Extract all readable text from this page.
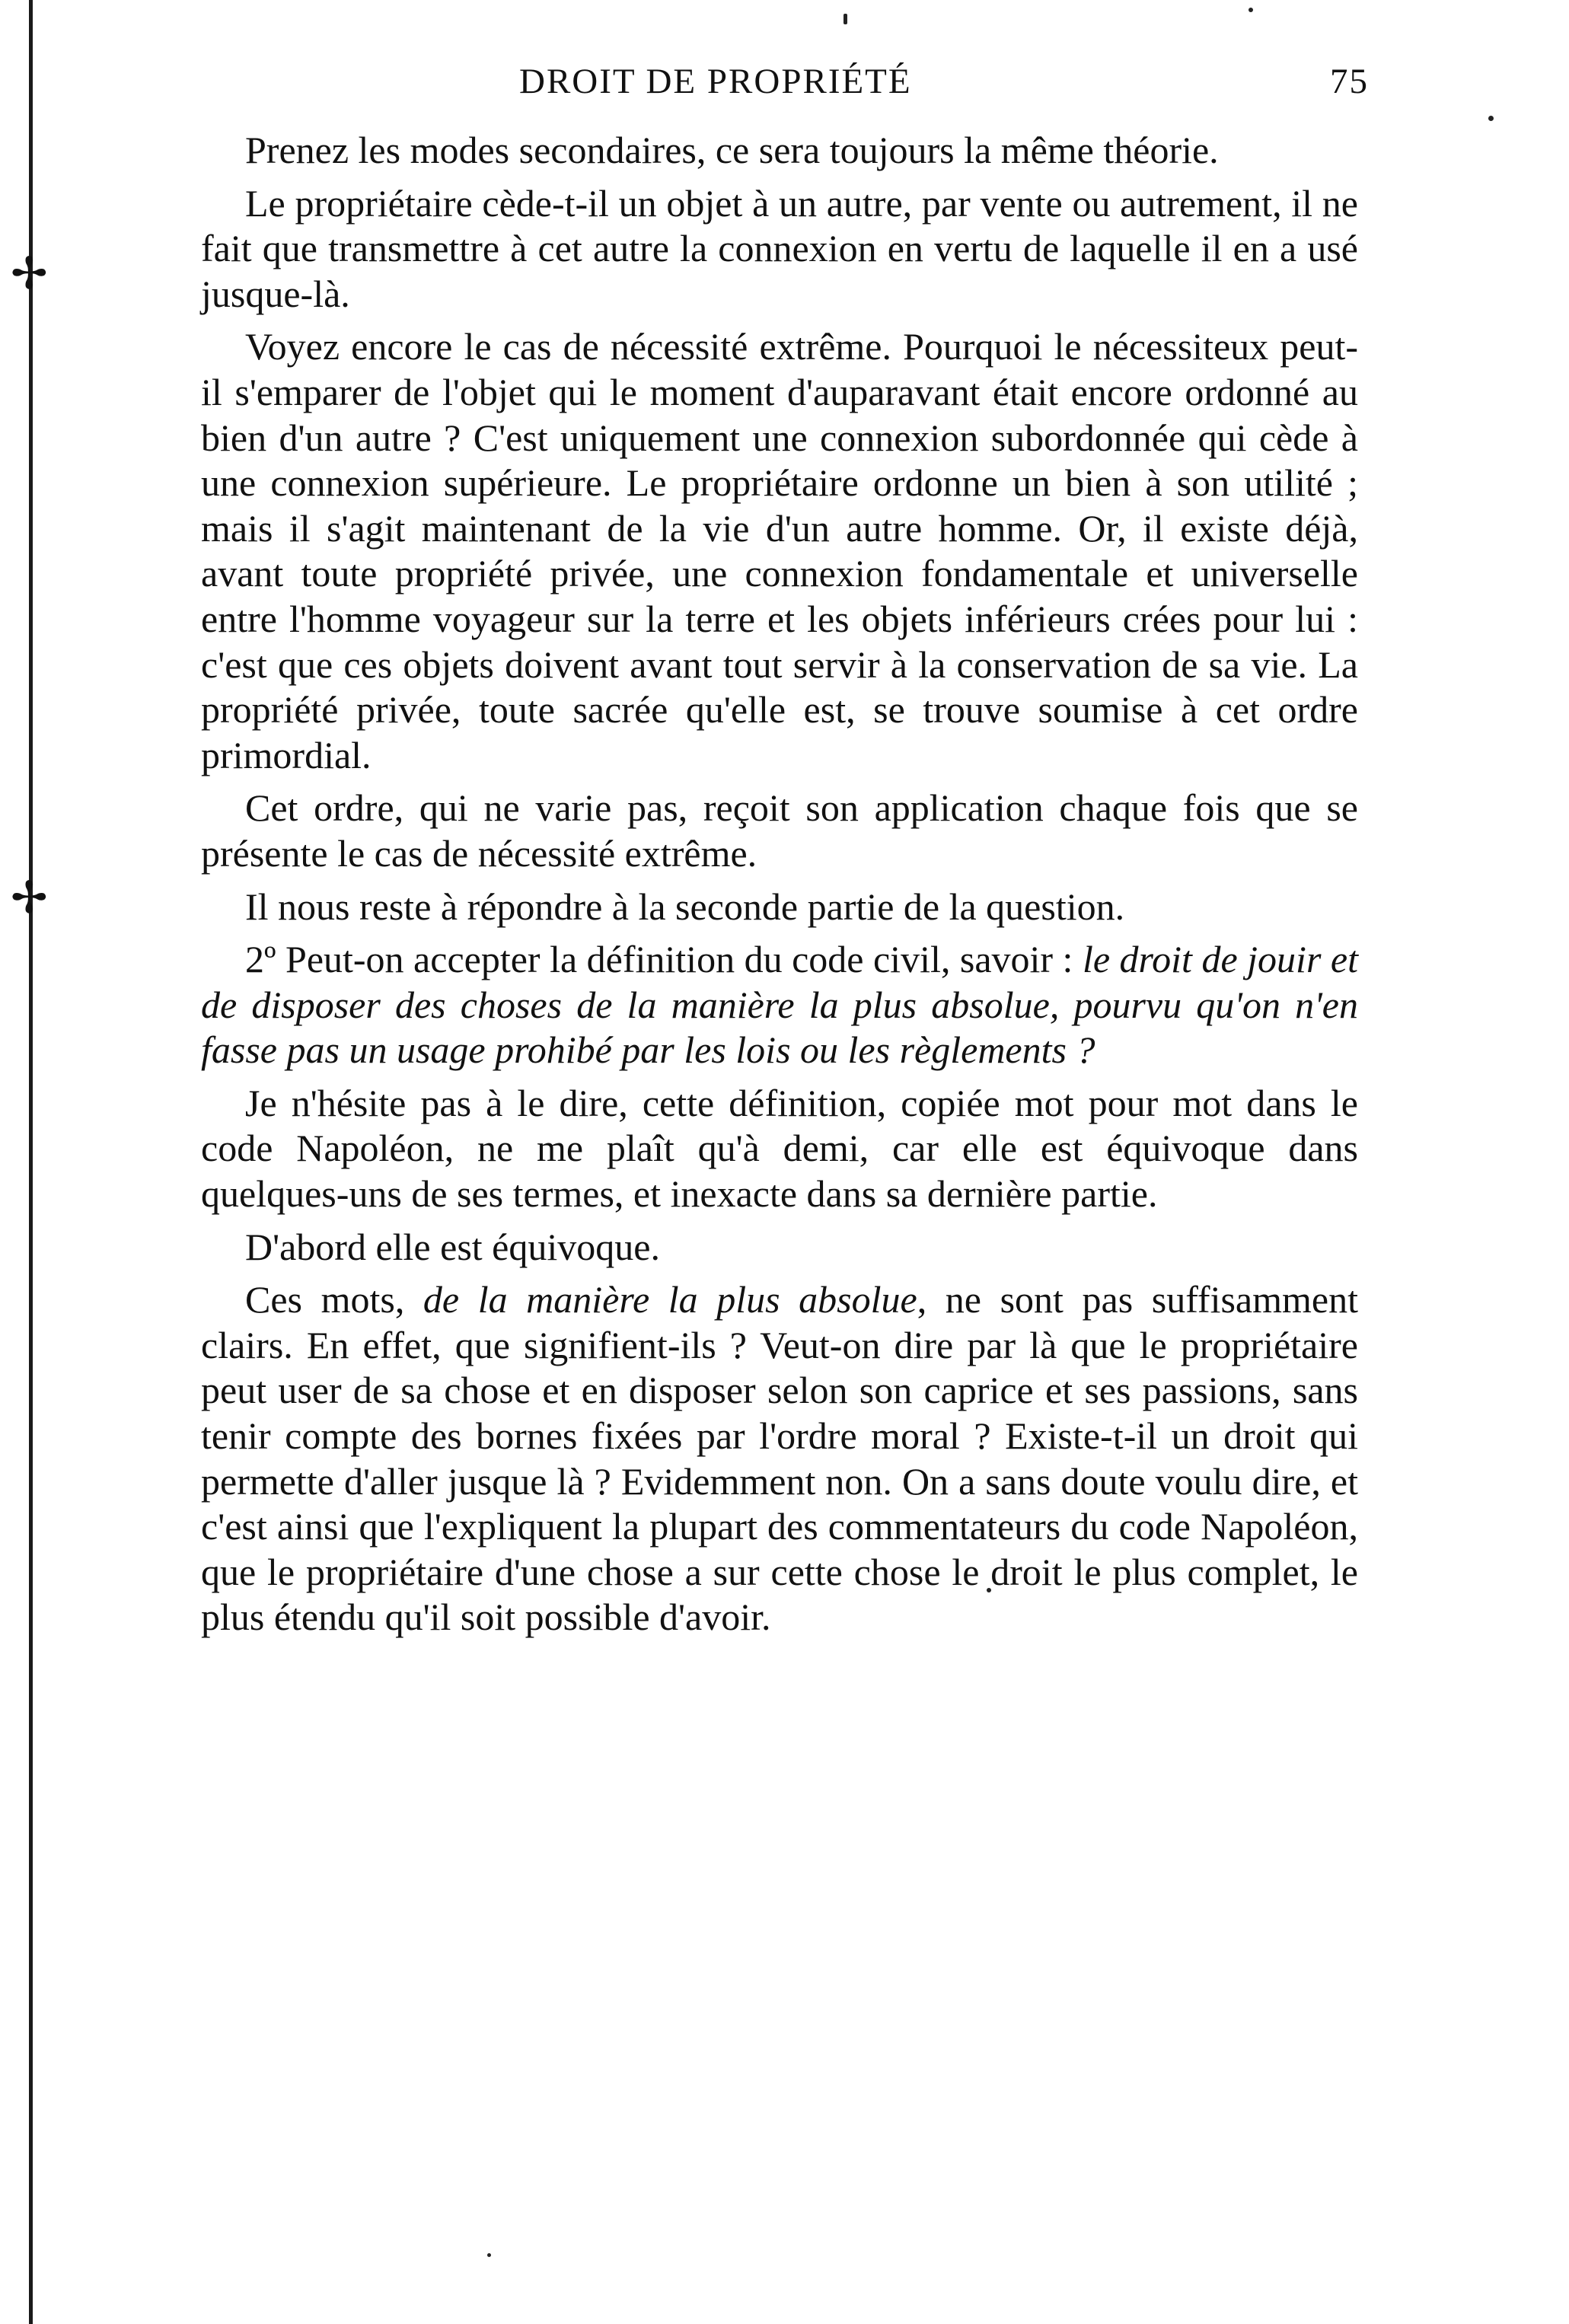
✢
✢
DROIT DE PROPRIÉTÉ	75

Prenez les modes secondaires, ce sera toujours la même théorie.

Le propriétaire cède-t-il un objet à un autre, par vente ou autrement, il ne fait que transmettre à cet autre la connexion en vertu de laquelle il en a usé jusque-là.

Voyez encore le cas de nécessité extrême. Pourquoi le nécessiteux peut-il s'emparer de l'objet qui le moment d'auparavant était encore ordonné au bien d'un autre ? C'est uniquement une connexion subordonnée qui cède à une connexion supérieure. Le propriétaire ordonne un bien à son utilité ; mais il s'agit maintenant de la vie d'un autre homme. Or, il existe déjà, avant toute propriété privée, une connexion fondamentale et universelle entre l'homme voyageur sur la terre et les objets inférieurs crées pour lui : c'est que ces objets doivent avant tout servir à la conservation de sa vie. La propriété privée, toute sacrée qu'elle est, se trouve soumise à cet ordre primordial.

Cet ordre, qui ne varie pas, reçoit son application chaque fois que se présente le cas de nécessité extrême.

Il nous reste à répondre à la seconde partie de la question.

2º Peut-on accepter la définition du code civil, savoir : le droit de jouir et de disposer des choses de la manière la plus absolue, pourvu qu'on n'en fasse pas un usage prohibé par les lois ou les règlements ?

Je n'hésite pas à le dire, cette définition, copiée mot pour mot dans le code Napoléon, ne me plaît qu'à demi, car elle est équivoque dans quelques-uns de ses termes, et inexacte dans sa dernière partie.

D'abord elle est équivoque.

Ces mots, de la manière la plus absolue, ne sont pas suffisamment clairs. En effet, que signifient-ils ? Veut-on dire par là que le propriétaire peut user de sa chose et en disposer selon son caprice et ses passions, sans tenir compte des bornes fixées par l'ordre moral ? Existe-t-il un droit qui permette d'aller jusque là ? Evidemment non. On a sans doute voulu dire, et c'est ainsi que l'expliquent la plupart des commentateurs du code Napoléon, que le propriétaire d'une chose a sur cette chose le droit le plus complet, le plus étendu qu'il soit possible d'avoir.
